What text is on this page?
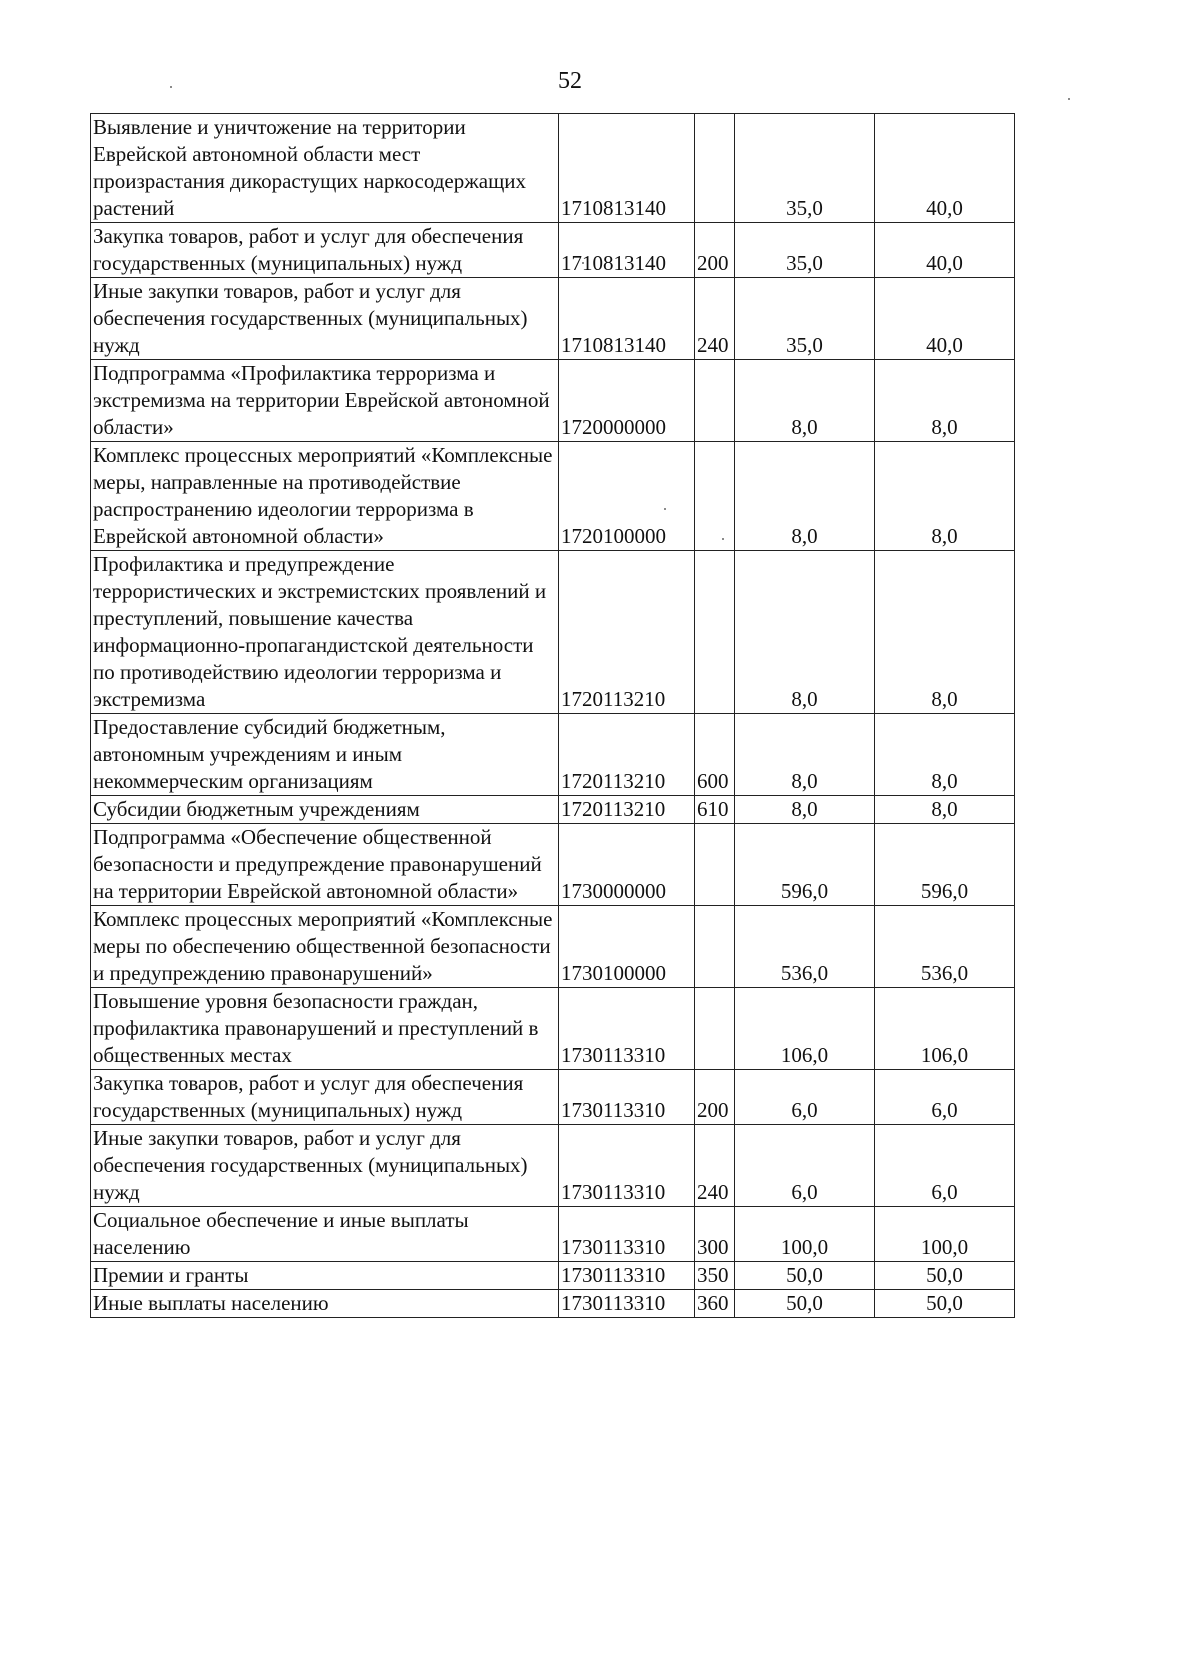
52
Выявление и уничтожение на территории Еврейской автономной области мест произрастания дикорастущих наркосодержащих растений	1710813140		35,0	40,0
Закупка товаров, работ и услуг для обеспечения государственных (муниципальных) нужд	1710813140	200	35,0	40,0
Иные закупки товаров, работ и услуг для обеспечения государственных (муниципальных) нужд	1710813140	240	35,0	40,0
Подпрограмма «Профилактика терроризма и экстремизма на территории Еврейской автономной области»	1720000000		8,0	8,0
Комплекс процессных мероприятий «Комплексные меры, направленные на противодействие распространению идеологии терроризма в Еврейской автономной области»	1720100000		8,0	8,0
Профилактика и предупреждение террористических и экстремистских проявлений и преступлений, повышение качества информационно-пропагандистской деятельности по противодействию идеологии терроризма и экстремизма	1720113210		8,0	8,0
Предоставление субсидий бюджетным, автономным учреждениям и иным некоммерческим организациям	1720113210	600	8,0	8,0
Субсидии бюджетным учреждениям	1720113210	610	8,0	8,0
Подпрограмма «Обеспечение общественной безопасности и предупреждение правонарушений на территории Еврейской автономной области»	1730000000		596,0	596,0
Комплекс процессных мероприятий «Комплексные меры по обеспечению общественной безопасности и предупреждению правонарушений»	1730100000		536,0	536,0
Повышение уровня безопасности граждан, профилактика правонарушений и преступлений в общественных местах	1730113310		106,0	106,0
Закупка товаров, работ и услуг для обеспечения государственных (муниципальных) нужд	1730113310	200	6,0	6,0
Иные закупки товаров, работ и услуг для обеспечения государственных (муниципальных) нужд	1730113310	240	6,0	6,0
Социальное обеспечение и иные выплаты населению	1730113310	300	100,0	100,0
Премии и гранты	1730113310	350	50,0	50,0
Иные выплаты населению	1730113310	360	50,0	50,0
